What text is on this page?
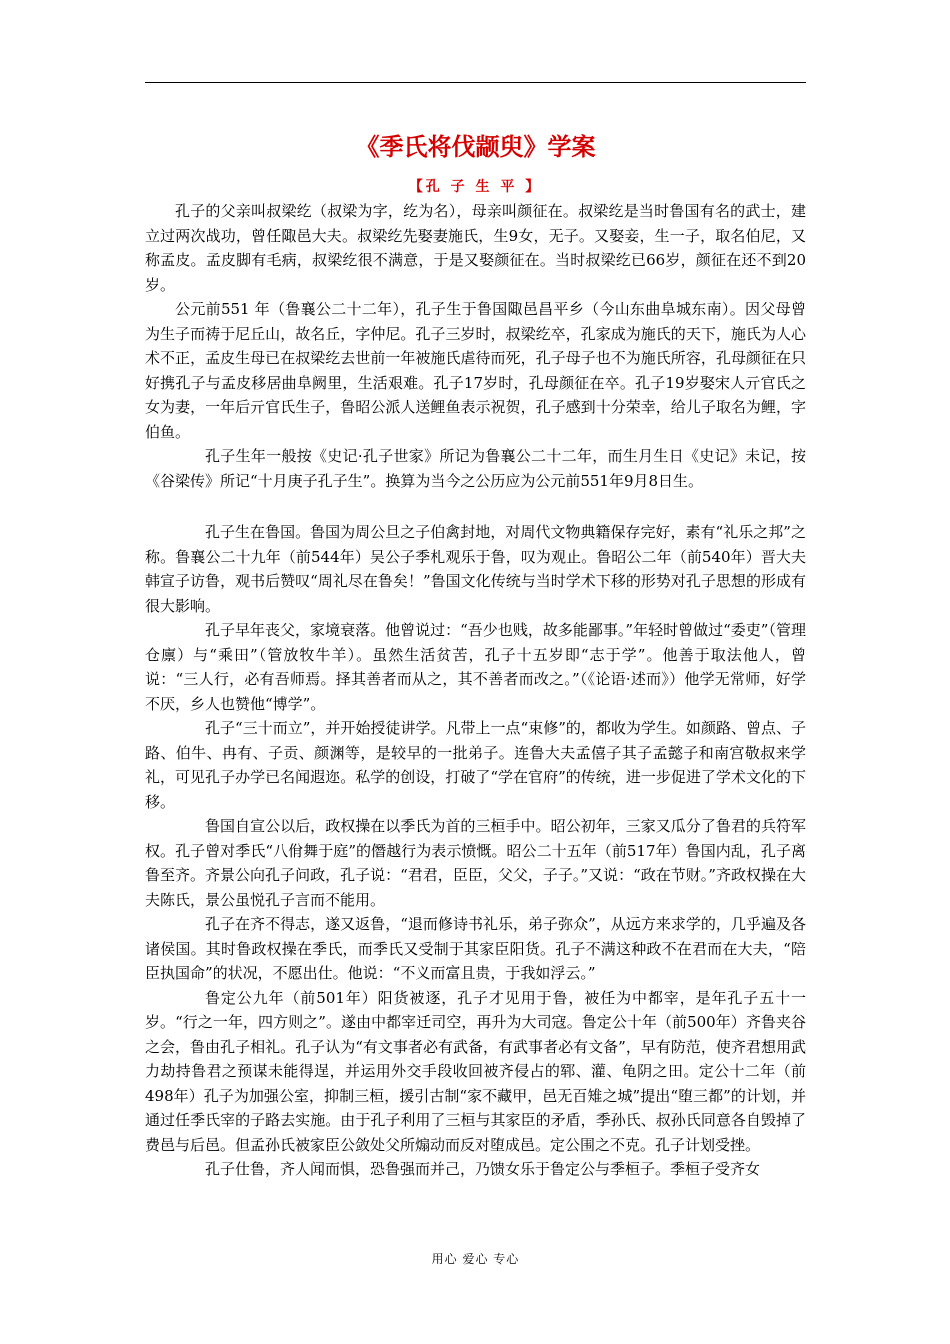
《季氏将伐颛臾》学案
【孔 子 生 平 】

孔子的父亲叫叔梁纥（叔梁为字，纥为名），母亲叫颜征在。叔梁纥是当时鲁国有名的武士，建立过两次战功，曾任陬邑大夫。叔梁纥先娶妻施氏，生9女，无子。又娶妾，生一子，取名伯尼，又称孟皮。孟皮脚有毛病，叔梁纥很不满意，于是又娶颜征在。当时叔梁纥已66岁，颜征在还不到20岁。

公元前551 年（鲁襄公二十二年），孔子生于鲁国陬邑昌平乡（今山东曲阜城东南）。因父母曾为生子而祷于尼丘山，故名丘，字仲尼。孔子三岁时，叔梁纥卒，孔家成为施氏的天下，施氏为人心术不正，孟皮生母已在叔梁纥去世前一年被施氏虐待而死，孔子母子也不为施氏所容，孔母颜征在只好携孔子与孟皮移居曲阜阙里，生活艰难。孔子17岁时，孔母颜征在卒。孔子19岁娶宋人亓官氏之女为妻，一年后亓官氏生子，鲁昭公派人送鲤鱼表示祝贺，孔子感到十分荣幸，给儿子取名为鲤，字伯鱼。

孔子生年一般按《史记·孔子世家》所记为鲁襄公二十二年，而生月生日《史记》未记，按《谷梁传》所记“十月庚子孔子生”。换算为当今之公历应为公元前551年9月8日生。

孔子生在鲁国。鲁国为周公旦之子伯禽封地，对周代文物典籍保存完好，素有“礼乐之邦”之称。鲁襄公二十九年（前544年）吴公子季札观乐于鲁，叹为观止。鲁昭公二年（前540年）晋大夫韩宣子访鲁，观书后赞叹“周礼尽在鲁矣！”鲁国文化传统与当时学术下移的形势对孔子思想的形成有很大影响。

孔子早年丧父，家境衰落。他曾说过：“吾少也贱，故多能鄙事。”年轻时曾做过“委吏”（管理仓廪）与“乘田”（管放牧牛羊）。虽然生活贫苦，孔子十五岁即“志于学”。他善于取法他人，曾说：“三人行，必有吾师焉。择其善者而从之，其不善者而改之。”（《论语·述而》）他学无常师，好学不厌，乡人也赞他“博学”。

孔子“三十而立”，并开始授徒讲学。凡带上一点“束修”的，都收为学生。如颜路、曾点、子路、伯牛、冉有、子贡、颜渊等，是较早的一批弟子。连鲁大夫孟僖子其子孟懿子和南宫敬叔来学礼，可见孔子办学已名闻遐迩。私学的创设，打破了“学在官府”的传统，进一步促进了学术文化的下移。

鲁国自宣公以后，政权操在以季氏为首的三桓手中。昭公初年，三家又瓜分了鲁君的兵符军权。孔子曾对季氏“八佾舞于庭”的僭越行为表示愤慨。昭公二十五年（前517年）鲁国内乱，孔子离鲁至齐。齐景公向孔子问政，孔子说：“君君，臣臣，父父，子子。”又说：“政在节财。”齐政权操在大夫陈氏，景公虽悦孔子言而不能用。

孔子在齐不得志，遂又返鲁，“退而修诗书礼乐，弟子弥众”，从远方来求学的，几乎遍及各诸侯国。其时鲁政权操在季氏，而季氏又受制于其家臣阳货。孔子不满这种政不在君而在大夫，“陪臣执国命”的状况，不愿出仕。他说：“不义而富且贵，于我如浮云。”

鲁定公九年（前501年）阳货被逐，孔子才见用于鲁，被任为中都宰，是年孔子五十一岁。“行之一年，四方则之”。遂由中都宰迁司空，再升为大司寇。鲁定公十年（前500年）齐鲁夹谷之会，鲁由孔子相礼。孔子认为“有文事者必有武备，有武事者必有文备”，早有防范，使齐君想用武力劫持鲁君之预谋未能得逞，并运用外交手段收回被齐侵占的郓、灌、龟阴之田。定公十二年（前498年）孔子为加强公室，抑制三桓，援引古制“家不藏甲，邑无百雉之城”提出“堕三都”的计划，并通过任季氏宰的子路去实施。由于孔子利用了三桓与其家臣的矛盾，季孙氏、叔孙氏同意各自毁掉了费邑与后邑。但孟孙氏被家臣公敛处父所煽动而反对堕成邑。定公围之不克。孔子计划受挫。

孔子仕鲁，齐人闻而惧，恐鲁强而并己，乃馈女乐于鲁定公与季桓子。季桓子受齐女

用心 爱心 专心
